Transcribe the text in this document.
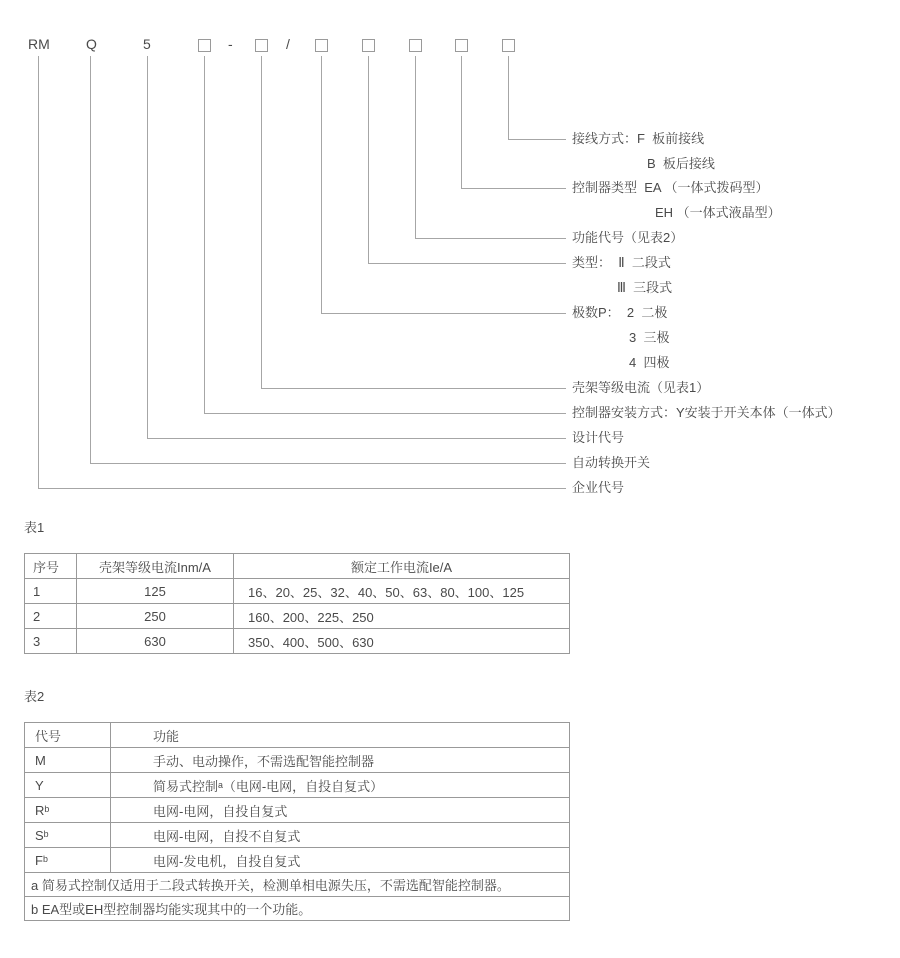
RM	Q	5	-	/
接线方式：F  板前接线
B  板后接线
控制器类型  EA （一体式拨码型）
EH （一体式液晶型）
功能代号（见表2）
类型：  Ⅱ  二段式
Ⅲ  三段式
极数P：  2  二极
3  三极
4  四极
壳架等级电流（见表1）
控制器安装方式：Y安装于开关本体（一体式）
设计代号
自动转换开关
企业代号
表1
序号	壳架等级电流Inm/A	额定工作电流Ie/A
1	125	16、20、25、32、40、50、63、80、100、125
2	250	160、200、225、250
3	630	350、400、500、630
表2
代号	功能
M	手动、电动操作，不需选配智能控制器
Y	简易式控制ᵃ（电网-电网，自投自复式）
Rᵇ	电网-电网，自投自复式
Sᵇ	电网-电网，自投不自复式
Fᵇ	电网-发电机，自投自复式
a 简易式控制仅适用于二段式转换开关，检测单相电源失压，不需选配智能控制器。	
b EA型或EH型控制器均能实现其中的一个功能。	
